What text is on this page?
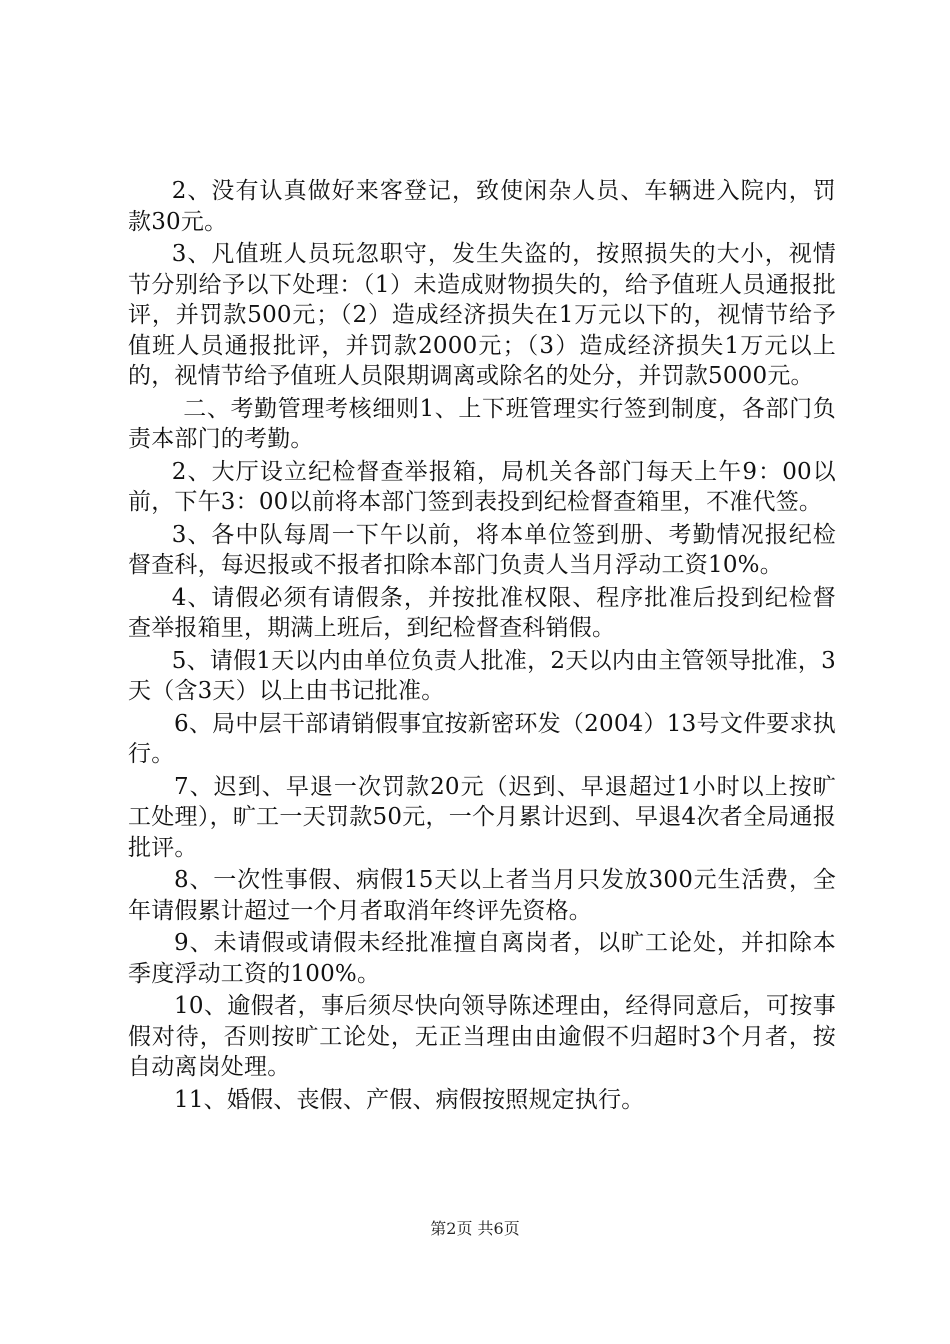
2、没有认真做好来客登记，致使闲杂人员、车辆进入院内，罚款30元。

3、凡值班人员玩忽职守，发生失盗的，按照损失的大小，视情节分别给予以下处理：（1）未造成财物损失的，给予值班人员通报批评，并罚款500元；（2）造成经济损失在1万元以下的，视情节给予值班人员通报批评，并罚款2000元；（3）造成经济损失1万元以上的，视情节给予值班人员限期调离或除名的处分，并罚款5000元。

二、考勤管理考核细则1、上下班管理实行签到制度，各部门负责本部门的考勤。

2、大厅设立纪检督查举报箱，局机关各部门每天上午9：00以前，下午3：00以前将本部门签到表投到纪检督查箱里，不准代签。

3、各中队每周一下午以前，将本单位签到册、考勤情况报纪检督查科，每迟报或不报者扣除本部门负责人当月浮动工资10%。

4、请假必须有请假条，并按批准权限、程序批准后投到纪检督查举报箱里，期满上班后，到纪检督查科销假。

5、请假1天以内由单位负责人批准，2天以内由主管领导批准，3天（含3天）以上由书记批准。

6、局中层干部请销假事宜按新密环发（2004）13号文件要求执行。

7、迟到、早退一次罚款20元（迟到、早退超过1小时以上按旷工处理），旷工一天罚款50元，一个月累计迟到、早退4次者全局通报批评。

8、一次性事假、病假15天以上者当月只发放300元生活费，全年请假累计超过一个月者取消年终评先资格。

9、未请假或请假未经批准擅自离岗者，以旷工论处，并扣除本季度浮动工资的100%。

10、逾假者，事后须尽快向领导陈述理由，经得同意后，可按事假对待，否则按旷工论处，无正当理由由逾假不归超时3个月者，按自动离岗处理。

11、婚假、丧假、产假、病假按照规定执行。

第2页 共6页
